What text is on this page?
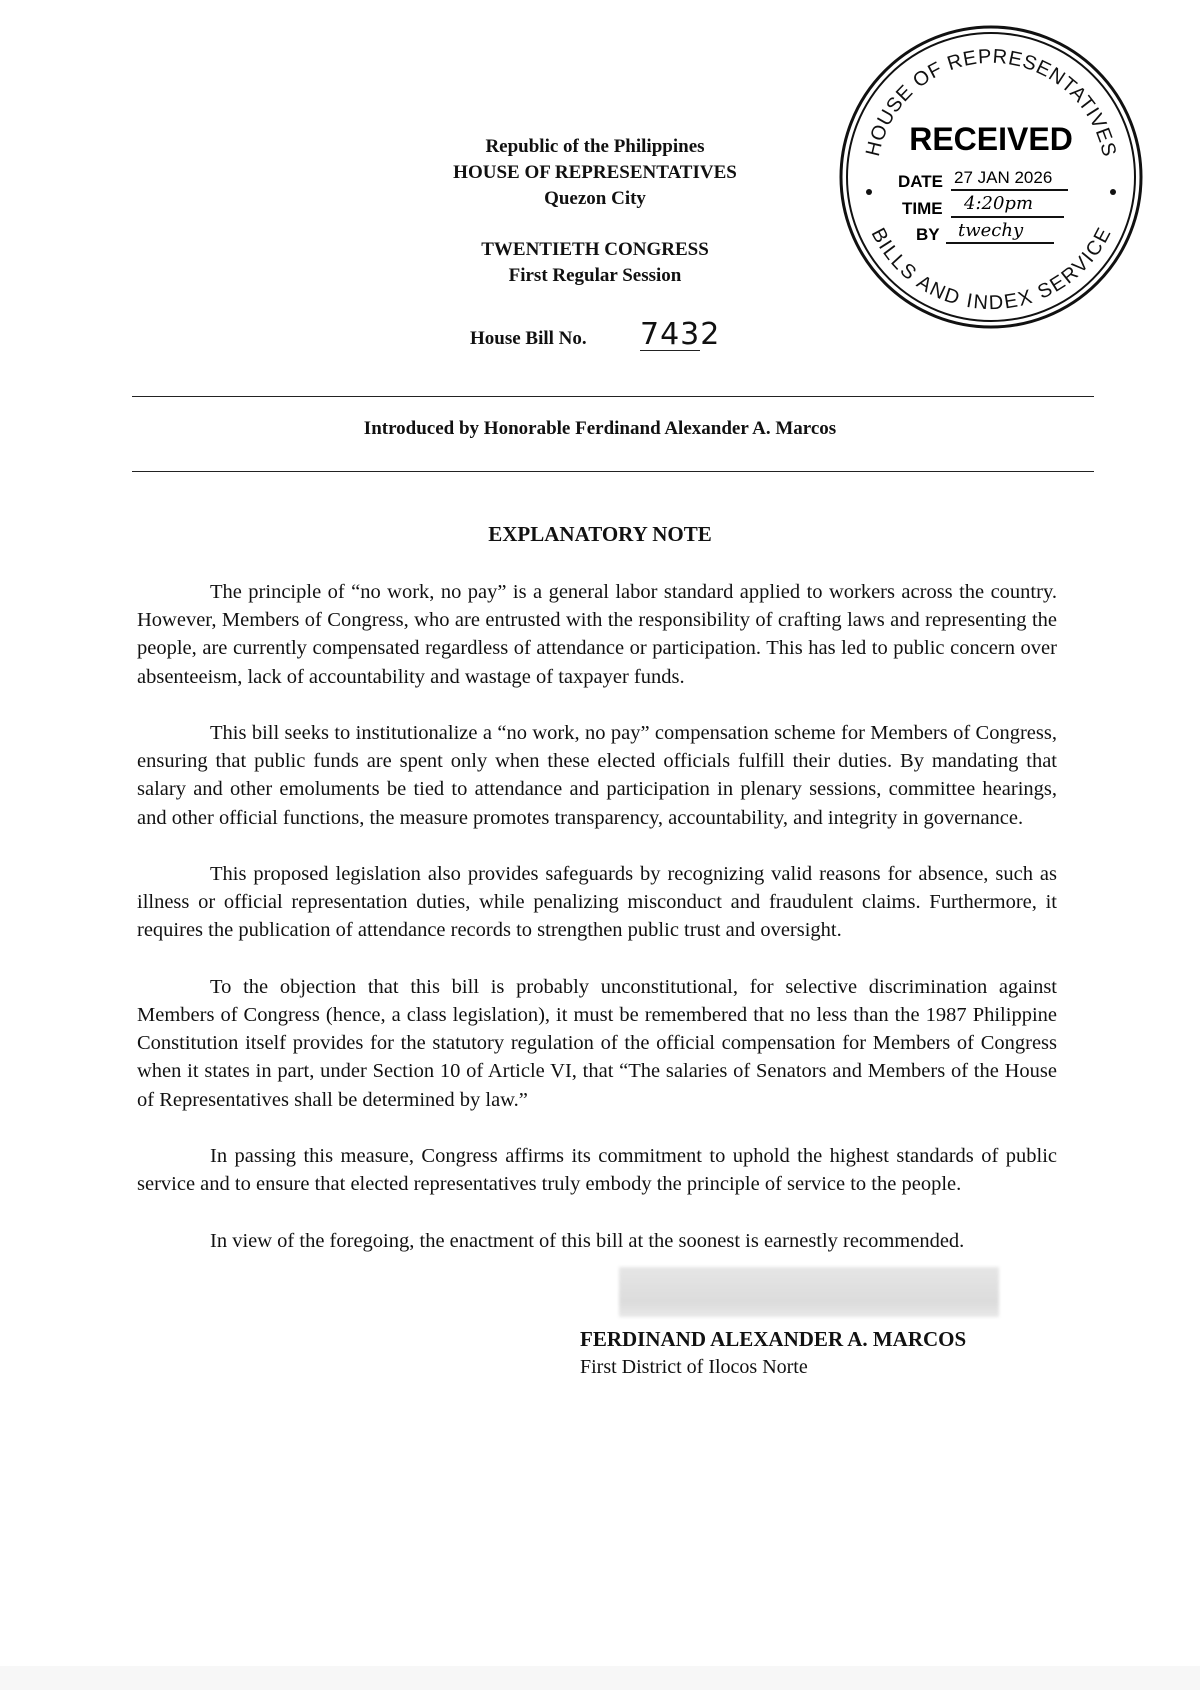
Republic of the Philippines
HOUSE OF REPRESENTATIVES
Quezon City
TWENTIETH CONGRESS
First Regular Session
House Bill No. 7432
HOUSE OF REPRESENTATIVES
BILLS AND INDEX SERVICE
RECEIVED
DATE 27 JAN 2026
TIME 4:20pm
BY twechy
Introduced by Honorable Ferdinand Alexander A. Marcos
EXPLANATORY NOTE

The principle of “no work, no pay” is a general labor standard applied to workers across the country. However, Members of Congress, who are entrusted with the responsibility of crafting laws and representing the people, are currently compensated regardless of attendance or participation. This has led to public concern over absenteeism, lack of accountability and wastage of taxpayer funds.

This bill seeks to institutionalize a “no work, no pay” compensation scheme for Members of Congress, ensuring that public funds are spent only when these elected officials fulfill their duties. By mandating that salary and other emoluments be tied to attendance and participation in plenary sessions, committee hearings, and other official functions, the measure promotes transparency, accountability, and integrity in governance.

This proposed legislation also provides safeguards by recognizing valid reasons for absence, such as illness or official representation duties, while penalizing misconduct and fraudulent claims. Furthermore, it requires the publication of attendance records to strengthen public trust and oversight.

To the objection that this bill is probably unconstitutional, for selective discrimination against Members of Congress (hence, a class legislation), it must be remembered that no less than the 1987 Philippine Constitution itself provides for the statutory regulation of the official compensation for Members of Congress when it states in part, under Section 10 of Article VI, that “The salaries of Senators and Members of the House of Representatives shall be determined by law.”

In passing this measure, Congress affirms its commitment to uphold the highest standards of public service and to ensure that elected representatives truly embody the principle of service to the people.

In view of the foregoing, the enactment of this bill at the soonest is earnestly recommended.

FERDINAND ALEXANDER A. MARCOS
First District of Ilocos Norte
